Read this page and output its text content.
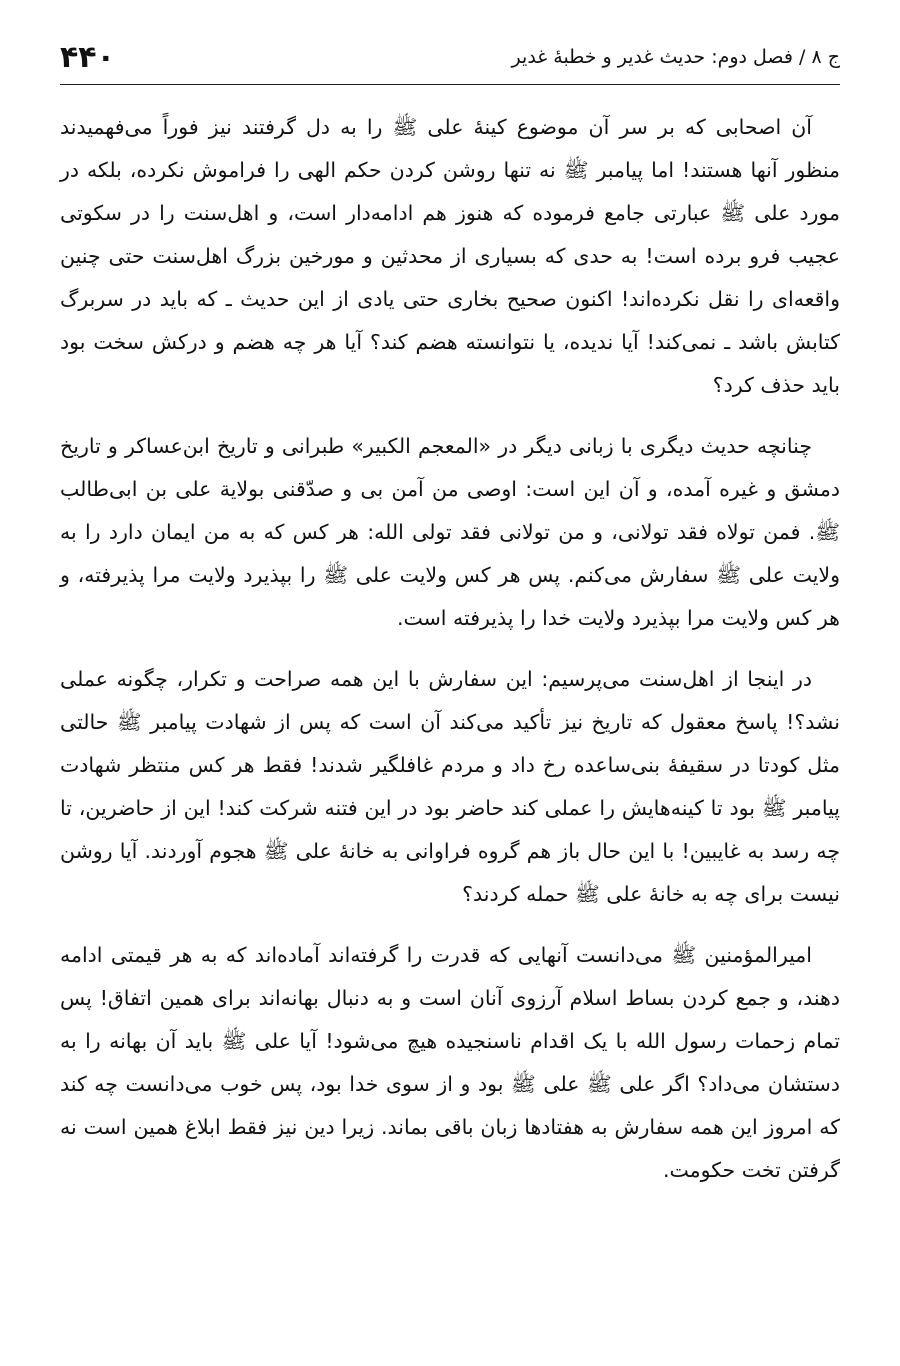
ج ۸ / فصل دوم: حدیث غدیر و خطبهٔ غدیر
۴۴۰

آن اصحابی که بر سر آن موضوع کینهٔ علی ﷺ را به دل گرفتند نیز فوراً می‌فهمیدند منظور آنها هستند! اما پیامبر ﷺ نه تنها روشن کردن حکم الهی را فراموش نکرده، بلکه در مورد علی ﷺ عبارتی جامع فرموده که هنوز هم ادامه‌دار است، و اهل‌سنت را در سکوتی عجیب فرو برده است! به حدی که بسیاری از محدثین و مورخین بزرگ اهل‌سنت حتی چنین واقعه‌ای را نقل نکرده‌اند! اکنون صحیح بخاری حتی یادی از این حدیث ـ که باید در سربرگ کتابش باشد ـ نمی‌کند! آیا ندیده، یا نتوانسته هضم کند؟ آیا هر چه هضم و درکش سخت بود باید حذف کرد؟

چنانچه حدیث دیگری با زبانی دیگر در «المعجم الکبیر» طبرانی و تاریخ ابن‌عساکر و تاریخ دمشق و غیره آمده، و آن این است: اوصی من آمن بی و صدّقنی بولایة علی بن ابی‌طالب ﷺ. فمن تولاه فقد تولانی، و من تولانی فقد تولی الله: هر کس که به من ایمان دارد را به ولایت علی ﷺ سفارش می‌کنم. پس هر کس ولایت علی ﷺ را بپذیرد ولایت مرا پذیرفته، و هر کس ولایت مرا بپذیرد ولایت خدا را پذیرفته است.

در اینجا از اهل‌سنت می‌پرسیم: این سفارش با این همه صراحت و تکرار، چگونه عملی نشد؟! پاسخ معقول که تاریخ نیز تأکید می‌کند آن است که پس از شهادت پیامبر ﷺ حالتی مثل کودتا در سقیفهٔ بنی‌ساعده رخ داد و مردم غافلگیر شدند! فقط هر کس منتظر شهادت پیامبر ﷺ بود تا کینه‌هایش را عملی کند حاضر بود در این فتنه شرکت کند! این از حاضرین، تا چه رسد به غایبین! با این حال باز هم گروه فراوانی به خانهٔ علی ﷺ هجوم آوردند. آیا روشن نیست برای چه به خانهٔ علی ﷺ حمله کردند؟

امیرالمؤمنین ﷺ می‌دانست آنهایی که قدرت را گرفته‌اند آماده‌اند که به هر قیمتی ادامه دهند، و جمع کردن بساط اسلام آرزوی آنان است و به دنبال بهانه‌اند برای همین اتفاق! پس تمام زحمات رسول الله با یک اقدام ناسنجیده هیچ می‌شود! آیا علی ﷺ باید آن بهانه را به دستشان می‌داد؟ اگر علی ﷺ علی ﷺ بود و از سوی خدا بود، پس خوب می‌دانست چه کند که امروز این همه سفارش به هفتادها زبان باقی بماند. زیرا دین نیز فقط ابلاغ همین است نه گرفتن تخت حکومت.
